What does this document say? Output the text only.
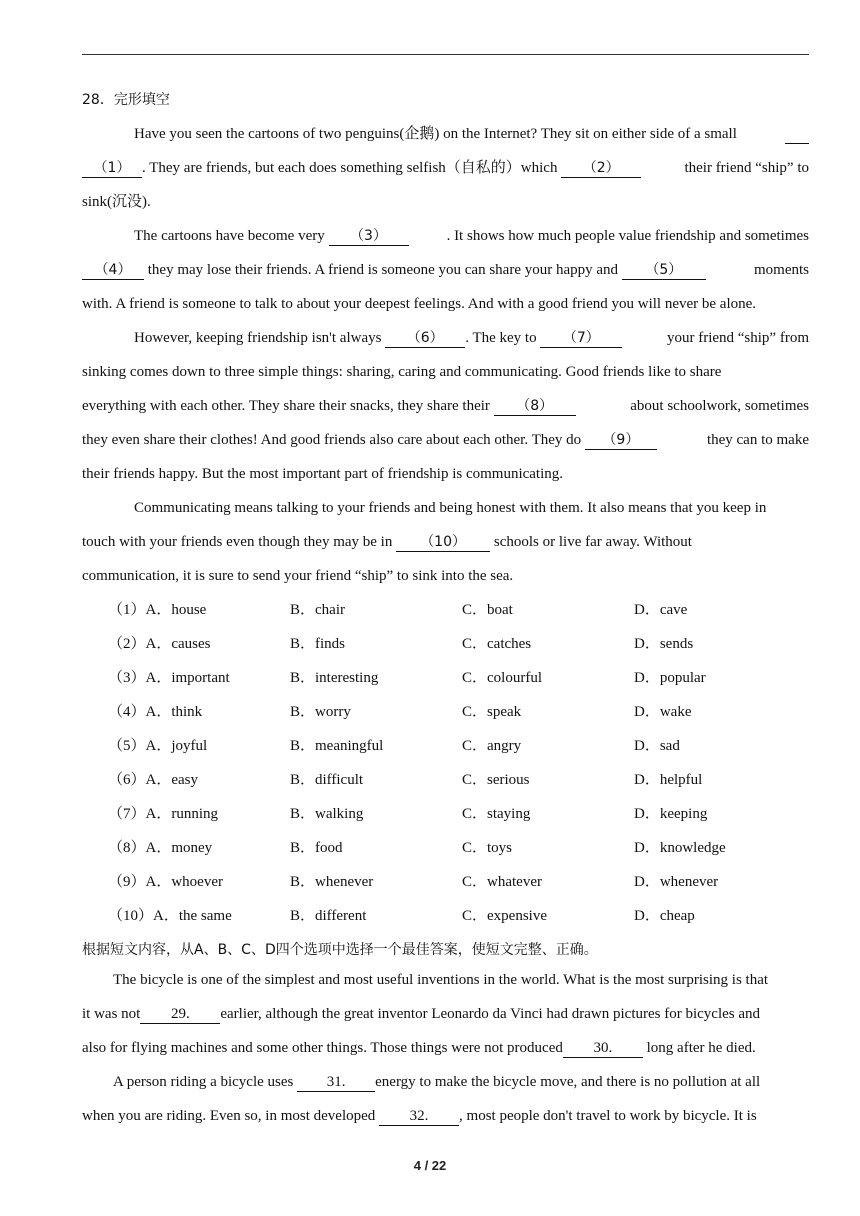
28．完形填空
Have you seen the cartoons of two penguins(企鹅) on the Internet? They sit on either side of a small
（1） . They are friends, but each does something selfish（自私的）which （2）	their friend “ship” to
sink(沉没).
The cartoons have become very （3）	. It shows how much people value friendship and sometimes
（4） they may lose their friends. A friend is someone you can share your happy and （5）	moments
with. A friend is someone to talk to about your deepest feelings. And with a good friend you will never be alone.
However, keeping friendship isn't always （6） . The key to （7）	your friend “ship” from
sinking comes down to three simple things: sharing, caring and communicating. Good friends like to share
everything with each other. They share their snacks, they share their （8）	about schoolwork, sometimes
they even share their clothes! And good friends also care about each other. They do （9）	they can to make
their friends happy. But the most important part of friendship is communicating.
Communicating means talking to your friends and being honest with them. It also means that you keep in
touch with your friends even though they may be in （10） schools or live far away. Without
communication, it is sure to send your friend “ship” to sink into the sea.
（1）A．house	B．chair	C．boat	D．cave
（2）A．causes	B．finds	C．catches	D．sends
（3）A．important	B．interesting	C．colourful	D．popular
（4）A．think	B．worry	C．speak	D．wake
（5）A．joyful	B．meaningful	C．angry	D．sad
（6）A．easy	B．difficult	C．serious	D．helpful
（7）A．running	B．walking	C．staying	D．keeping
（8）A．money	B．food	C．toys	D．knowledge
（9）A．whoever	B．whenever	C．whatever	D．whenever
（10）A．the same	B．different	C．expensive	D．cheap
根据短文内容，从A、B、C、D四个选项中选择一个最佳答案，使短文完整、正确。
The bicycle is one of the simplest and most useful inventions in the world. What is the most surprising is that
it was not 29. earlier, although the great inventor Leonardo da Vinci had drawn pictures for bicycles and
also for flying machines and some other things. Those things were not produced 30. long after he died.
A person riding a bicycle uses 31. energy to make the bicycle move, and there is no pollution at all
when you are riding. Even so, in most developed 32. , most people don't travel to work by bicycle. It is
4 / 22
